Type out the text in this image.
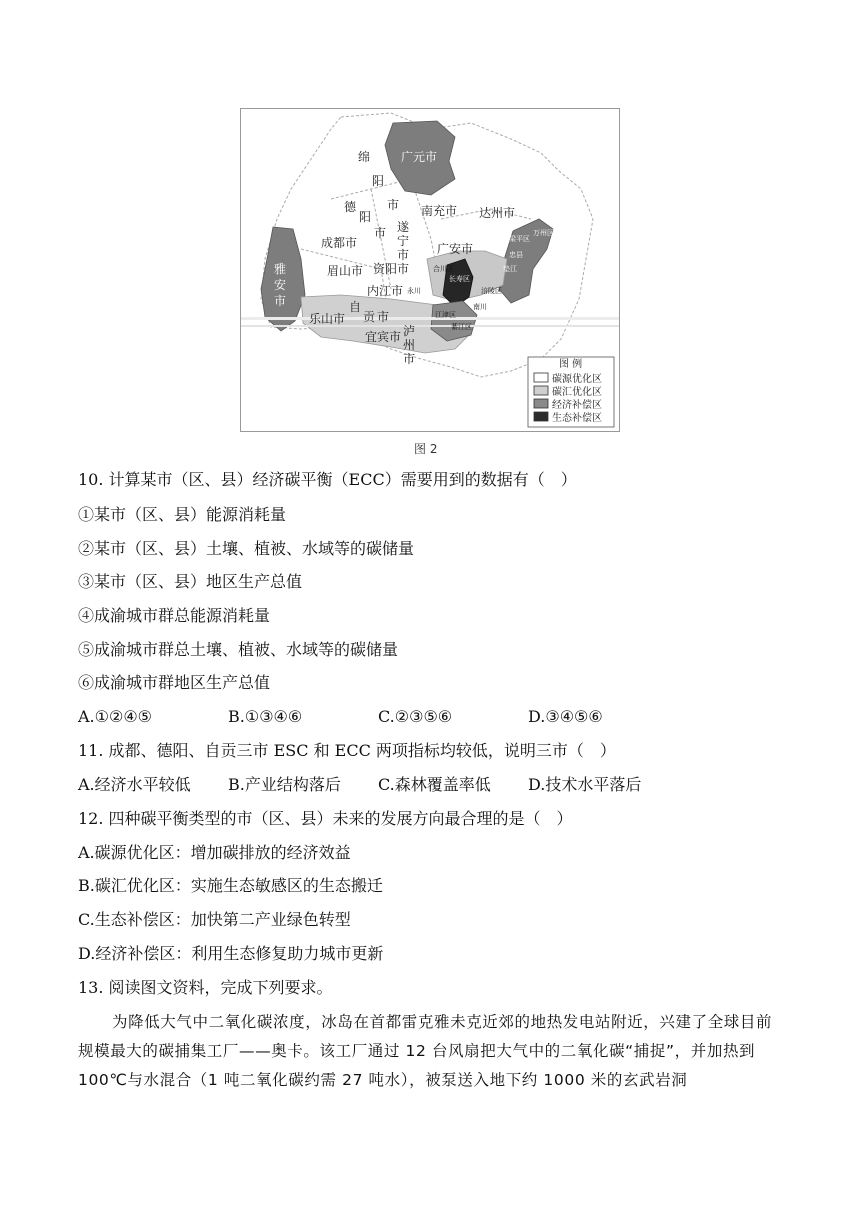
绵
阳
市
广元市
德
阳
市
南充市 达州市
成都市
遂
宁
市 广安市
雅
安
市
眉山市 资阳市
内江市
自
贡 市
乐山市
宜宾市 泸
州
市
合川区
万州区
梁平区
忠县
垫江
长寿区
涪陵区
永川
江津区
綦江区
南川
图 例
碳源优化区
碳汇优化区
经济补偿区
生态补偿区
图 2
10. 计算某市（区、县）经济碳平衡（ECC）需要用到的数据有（　）
①某市（区、县）能源消耗量
②某市（区、县）土壤、植被、水域等的碳储量
③某市（区、县）地区生产总值
④成渝城市群总能源消耗量
⑤成渝城市群总土壤、植被、水域等的碳储量
⑥成渝城市群地区生产总值
A.①②④⑤	B.①③④⑥	C.②③⑤⑥	D.③④⑤⑥
11. 成都、德阳、自贡三市 ESC 和 ECC 两项指标均较低，说明三市（　）
A.经济水平较低 B.产业结构落后 C.森林覆盖率低 D.技术水平落后
12. 四种碳平衡类型的市（区、县）未来的发展方向最合理的是（　）
A.碳源优化区：增加碳排放的经济效益
B.碳汇优化区：实施生态敏感区的生态搬迁
C.生态补偿区：加快第二产业绿色转型
D.经济补偿区：利用生态修复助力城市更新
13. 阅读图文资料，完成下列要求。
为降低大气中二氧化碳浓度，冰岛在首都雷克雅未克近郊的地热发电站附近，兴建了全球目前规模最大的碳捕集工厂——奥卡。该工厂通过 12 台风扇把大气中的二氧化碳“捕捉”，并加热到 100℃与水混合（1 吨二氧化碳约需 27 吨水），被泵送入地下约 1000 米的玄武岩洞
